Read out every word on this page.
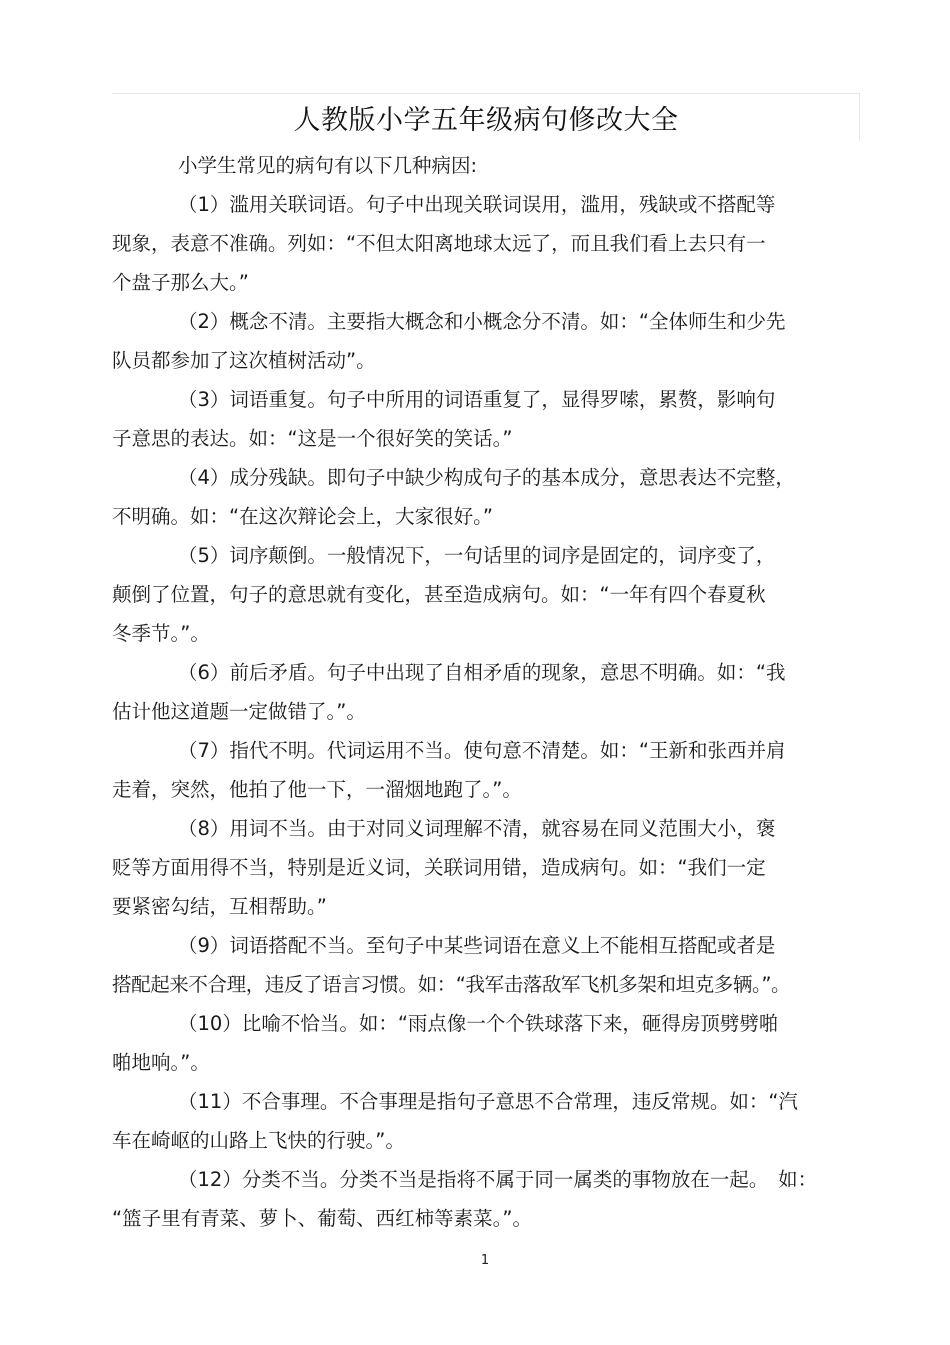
人教版小学五年级病句修改大全

小学生常见的病句有以下几种病因:

（1）滥用关联词语。句子中出现关联词误用，滥用，残缺或不搭配等
现象，表意不准确。列如：“不但太阳离地球太远了，而且我们看上去只有一
个盘子那么大。”

（2）概念不清。主要指大概念和小概念分不清。如：“全体师生和少先
队员都参加了这次植树活动”。

（3）词语重复。句子中所用的词语重复了，显得罗嗦，累赘，影响句
子意思的表达。如：“这是一个很好笑的笑话。”

（4）成分残缺。即句子中缺少构成句子的基本成分，意思表达不完整，
不明确。如：“在这次辩论会上，大家很好。”

（5）词序颠倒。一般情况下，一句话里的词序是固定的，词序变了，
颠倒了位置，句子的意思就有变化，甚至造成病句。如：“一年有四个春夏秋
冬季节。”。

（6）前后矛盾。句子中出现了自相矛盾的现象，意思不明确。如：“我
估计他这道题一定做错了。”。

（7）指代不明。代词运用不当。使句意不清楚。如：“王新和张西并肩
走着，突然，他拍了他一下，一溜烟地跑了。”。

（8）用词不当。由于对同义词理解不清，就容易在同义范围大小，褒
贬等方面用得不当，特别是近义词，关联词用错，造成病句。如：“我们一定
要紧密勾结，互相帮助。”

（9）词语搭配不当。至句子中某些词语在意义上不能相互搭配或者是
搭配起来不合理，违反了语言习惯。如：“我军击落敌军飞机多架和坦克多辆。”。

（10）比喻不恰当。如：“雨点像一个个铁球落下来，砸得房顶劈劈啪
啪地响。”。

（11）不合事理。不合事理是指句子意思不合常理，违反常规。如：“汽
车在崎岖的山路上飞快的行驶。”。

（12）分类不当。分类不当是指将不属于同一属类的事物放在一起。　如：
“篮子里有青菜、萝卜、葡萄、西红柿等素菜。”。

1
